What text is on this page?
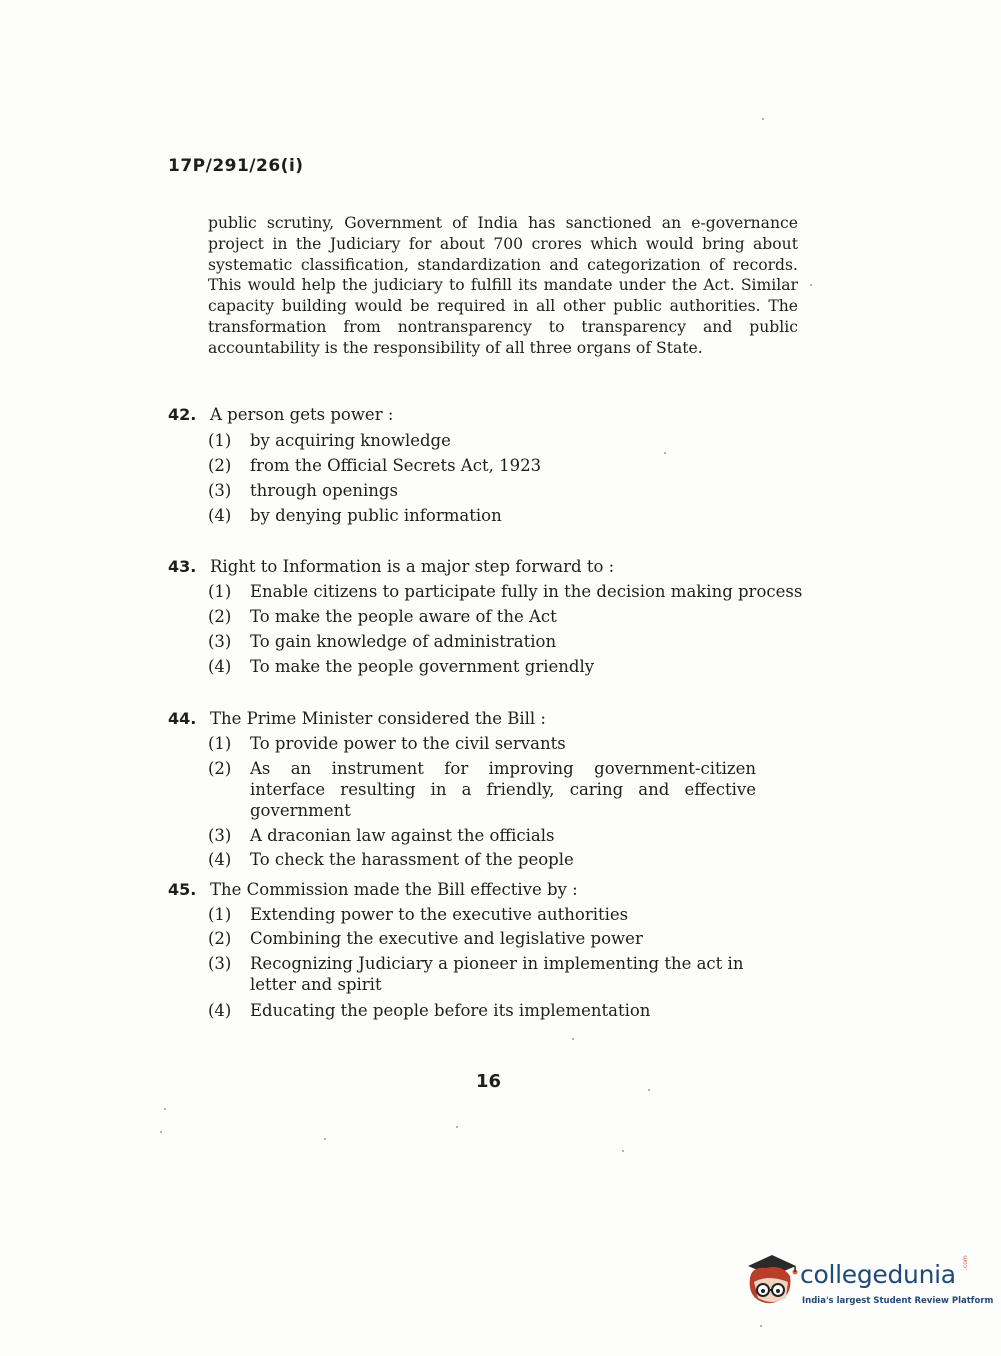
17P/291/26(i)
public scrutiny, Government of India has sanctioned an e-governance project in the Judiciary for about 700 crores which would bring about systematic classification, standardization and categorization of records. This would help the judiciary to fulfill its mandate under the Act. Similar capacity building would be required in all other public authorities. The transformation from nontransparency to transparency and public accountability is the responsibility of all three organs of State.
42. A person gets power :
(1)	by acquiring knowledge
(2)	from the Official Secrets Act, 1923
(3)	through openings
(4)	by denying public information
43. Right to Information is a major step forward to :
(1)	Enable citizens to participate fully in the decision making process
(2)	To make the people aware of the Act
(3)	To gain knowledge of administration
(4)	To make the people government griendly
44. The Prime Minister considered the Bill :
(1)	To provide power to the civil servants
(2)	As an instrument for improving government-citizen interface resulting in a friendly, caring and effective government
(3)	A draconian law against the officials
(4)	To check the harassment of the people
45. The Commission made the Bill effective by :
(1)	Extending power to the executive authorities
(2)	Combining the executive and legislative power
(3)	Recognizing Judiciary a pioneer in implementing the act in letter and spirit
(4)	Educating the people before its implementation
16
collegedunia .com
India's largest Student Review Platform
